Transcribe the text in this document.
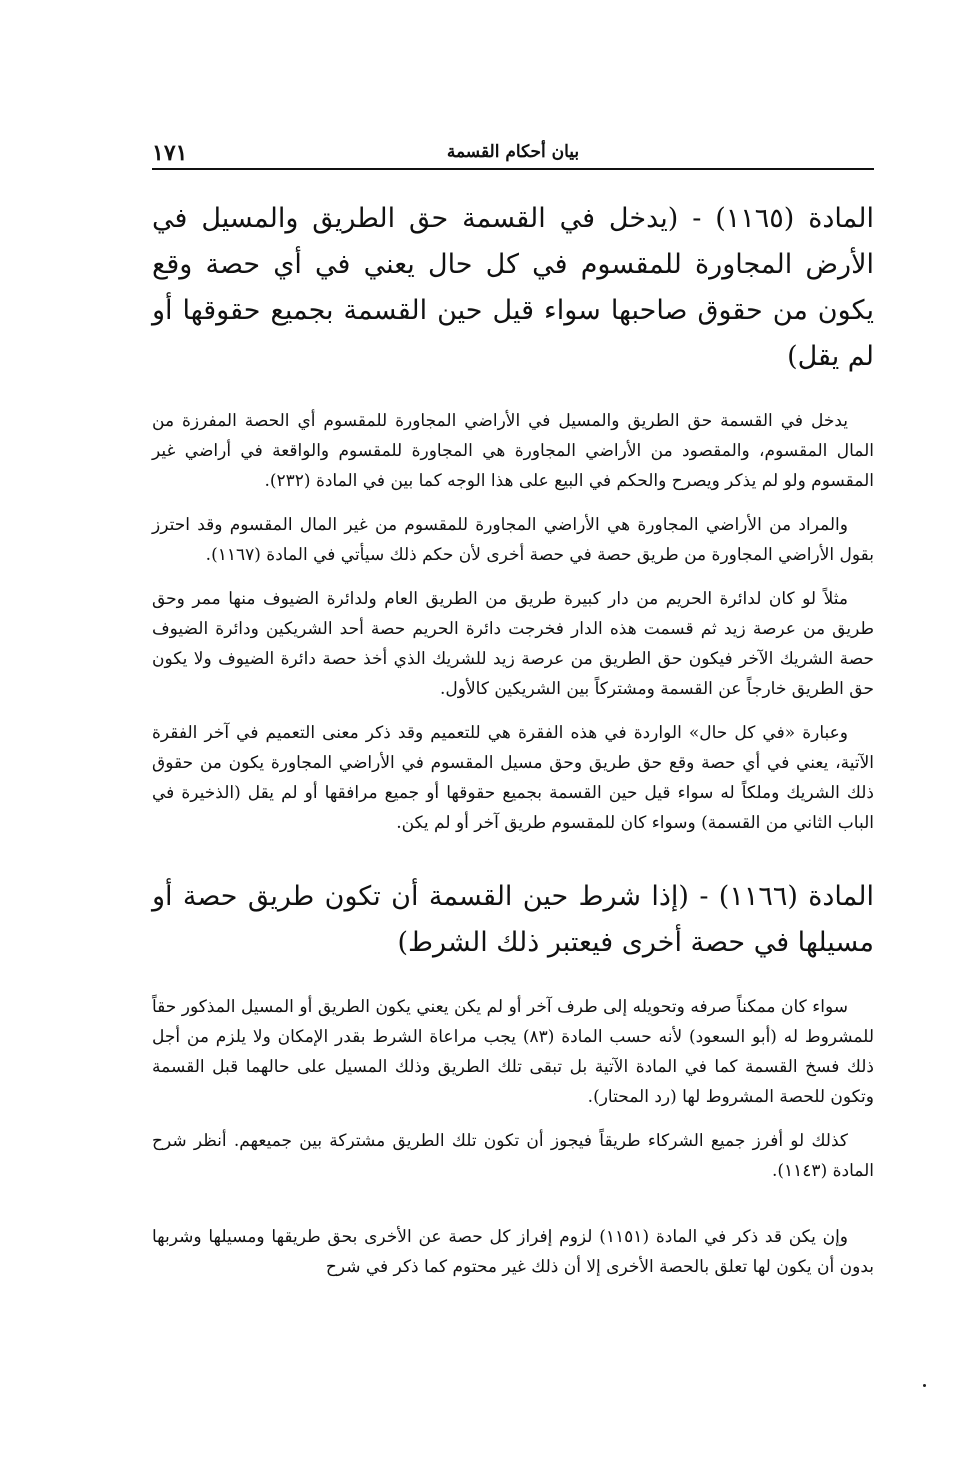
١٧١	بيان أحكام القسمة

المادة (١١٦٥) - (يدخل في القسمة حق الطريق والمسيل في الأرض المجاورة للمقسوم في كل حال يعني في أي حصة وقع يكون من حقوق صاحبها سواء قيل حين القسمة بجميع حقوقها أو لم يقل)

يدخل في القسمة حق الطريق والمسيل في الأراضي المجاورة للمقسوم أي الحصة المفرزة من المال المقسوم، والمقصود من الأراضي المجاورة هي المجاورة للمقسوم والواقعة في أراضي غير المقسوم ولو لم يذكر ويصرح والحكم في البيع على هذا الوجه كما بين في المادة (٢٣٢).

والمراد من الأراضي المجاورة هي الأراضي المجاورة للمقسوم من غير المال المقسوم وقد احترز بقول الأراضي المجاورة من طريق حصة في حصة أخرى لأن حكم ذلك سيأتي في المادة (١١٦٧).

مثلاً لو كان لدائرة الحريم من دار كبيرة طريق من الطريق العام ولدائرة الضيوف منها ممر وحق طريق من عرصة زيد ثم قسمت هذه الدار فخرجت دائرة الحريم حصة أحد الشريكين ودائرة الضيوف حصة الشريك الآخر فيكون حق الطريق من عرصة زيد للشريك الذي أخذ حصة دائرة الضيوف ولا يكون حق الطريق خارجاً عن القسمة ومشتركاً بين الشريكين كالأول.

وعبارة «في كل حال» الواردة في هذه الفقرة هي للتعميم وقد ذكر معنى التعميم في آخر الفقرة الآتية، يعني في أي حصة وقع حق طريق وحق مسيل المقسوم في الأراضي المجاورة يكون من حقوق ذلك الشريك وملكاً له سواء قيل حين القسمة بجميع حقوقها أو جميع مرافقها أو لم يقل (الذخيرة في الباب الثاني من القسمة) وسواء كان للمقسوم طريق آخر أو لم يكن.

المادة (١١٦٦) - (إذا شرط حين القسمة أن تكون طريق حصة أو مسيلها في حصة أخرى فيعتبر ذلك الشرط)

سواء كان ممكناً صرفه وتحويله إلى طرف آخر أو لم يكن يعني يكون الطريق أو المسيل المذكور حقاً للمشروط له (أبو السعود) لأنه حسب المادة (٨٣) يجب مراعاة الشرط بقدر الإمكان ولا يلزم من أجل ذلك فسخ القسمة كما في المادة الآتية بل تبقى تلك الطريق وذلك المسيل على حالهما قبل القسمة وتكون للحصة المشروط لها (رد المحتار).

كذلك لو أفرز جميع الشركاء طريقاً فيجوز أن تكون تلك الطريق مشتركة بين جميعهم. أنظر شرح المادة (١١٤٣).

وإن يكن قد ذكر في المادة (١١٥١) لزوم إفراز كل حصة عن الأخرى بحق طريقها ومسيلها وشربها بدون أن يكون لها تعلق بالحصة الأخرى إلا أن ذلك غير محتوم كما ذكر في شرح
